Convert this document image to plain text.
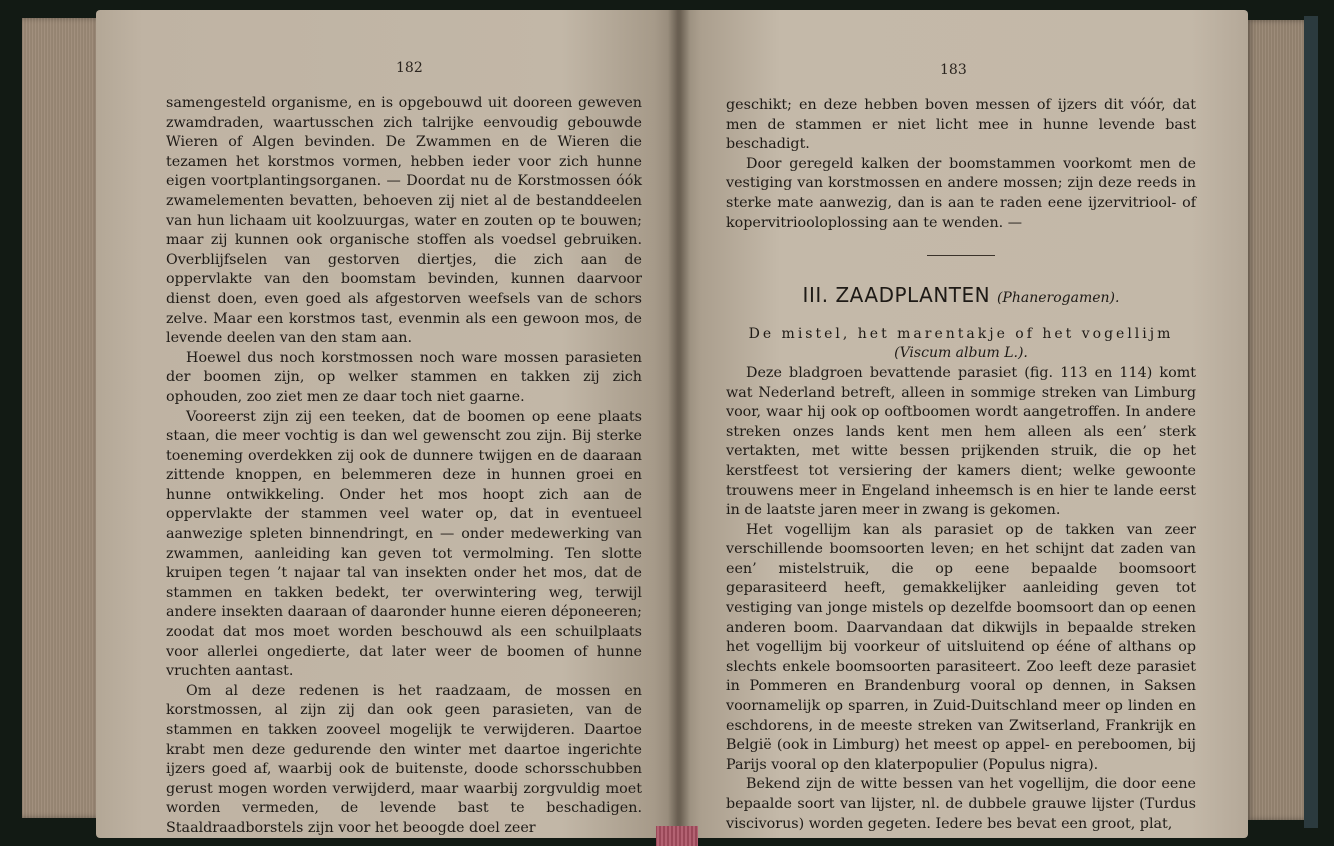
182

samengesteld organisme, en is opgebouwd uit dooreen geweven zwamdraden, waartusschen zich talrijke eenvoudig gebouwde Wieren of Algen bevinden. De Zwammen en de Wieren die tezamen het korstmos vormen, hebben ieder voor zich hunne eigen voortplantingsorganen. — Doordat nu de Korstmossen óók zwamelementen bevatten, behoeven zij niet al de bestanddeelen van hun lichaam uit koolzuurgas, water en zouten op te bouwen; maar zij kunnen ook organische stoffen als voedsel gebruiken. Overblijfselen van gestorven diertjes, die zich aan de oppervlakte van den boomstam bevinden, kunnen daarvoor dienst doen, even goed als afgestorven weefsels van de schors zelve. Maar een korstmos tast, evenmin als een gewoon mos, de levende deelen van den stam aan.

Hoewel dus noch korstmossen noch ware mossen parasieten der boomen zijn, op welker stammen en takken zij zich ophouden, zoo ziet men ze daar toch niet gaarne.

Vooreerst zijn zij een teeken, dat de boomen op eene plaats staan, die meer vochtig is dan wel gewenscht zou zijn. Bij sterke toeneming overdekken zij ook de dunnere twijgen en de daaraan zittende knoppen, en belemmeren deze in hunnen groei en hunne ontwikkeling. Onder het mos hoopt zich aan de oppervlakte der stammen veel water op, dat in eventueel aanwezige spleten binnendringt, en — onder medewerking van zwammen, aanleiding kan geven tot vermolming. Ten slotte kruipen tegen ’t najaar tal van insekten onder het mos, dat de stammen en takken bedekt, ter overwintering weg, terwijl andere insekten daaraan of daaronder hunne eieren déponeeren; zoodat dat mos moet worden beschouwd als een schuilplaats voor allerlei ongedierte, dat later weer de boomen of hunne vruchten aantast.

Om al deze redenen is het raadzaam, de mossen en korstmossen, al zijn zij dan ook geen parasieten, van de stammen en takken zooveel mogelijk te verwijderen. Daartoe krabt men deze gedurende den winter met daartoe ingerichte ijzers goed af, waarbij ook de buitenste, doode schorsschubben gerust mogen worden verwijderd, maar waarbij zorgvuldig moet worden vermeden, de levende bast te beschadigen. Staaldraadborstels zijn voor het beoogde doel zeer

183

geschikt; en deze hebben boven messen of ijzers dit vóór, dat men de stammen er niet licht mee in hunne levende bast beschadigt.

Door geregeld kalken der boomstammen voorkomt men de vestiging van korstmossen en andere mossen; zijn deze reeds in sterke mate aanwezig, dan is aan te raden eene ijzervitriool- of kopervitriooloplossing aan te wenden. —

III. ZAADPLANTEN (Phanerogamen).

De mistel, het marentakje of het vogellijm

(Viscum album L.).

Deze bladgroen bevattende parasiet (fig. 113 en 114) komt wat Nederland betreft, alleen in sommige streken van Limburg voor, waar hij ook op ooftboomen wordt aangetroffen. In andere streken onzes lands kent men hem alleen als een’ sterk vertakten, met witte bessen prijkenden struik, die op het kerstfeest tot versiering der kamers dient; welke gewoonte trouwens meer in Engeland inheemsch is en hier te lande eerst in de laatste jaren meer in zwang is gekomen.

Het vogellijm kan als parasiet op de takken van zeer verschillende boomsoorten leven; en het schijnt dat zaden van een’ mistelstruik, die op eene bepaalde boomsoort geparasiteerd heeft, gemakkelijker aanleiding geven tot vestiging van jonge mistels op dezelfde boomsoort dan op eenen anderen boom. Daarvandaan dat dikwijls in bepaalde streken het vogellijm bij voorkeur of uitsluitend op ééne of althans op slechts enkele boomsoorten parasiteert. Zoo leeft deze parasiet in Pommeren en Brandenburg vooral op dennen, in Saksen voornamelijk op sparren, in Zuid-Duitschland meer op linden en eschdorens, in de meeste streken van Zwitserland, Frankrijk en België (ook in Limburg) het meest op appel- en pereboomen, bij Parijs vooral op den klaterpopulier (Populus nigra).

Bekend zijn de witte bessen van het vogellijm, die door eene bepaalde soort van lijster, nl. de dubbele grauwe lijster (Turdus viscivorus) worden gegeten. Iedere bes bevat een groot, plat,
